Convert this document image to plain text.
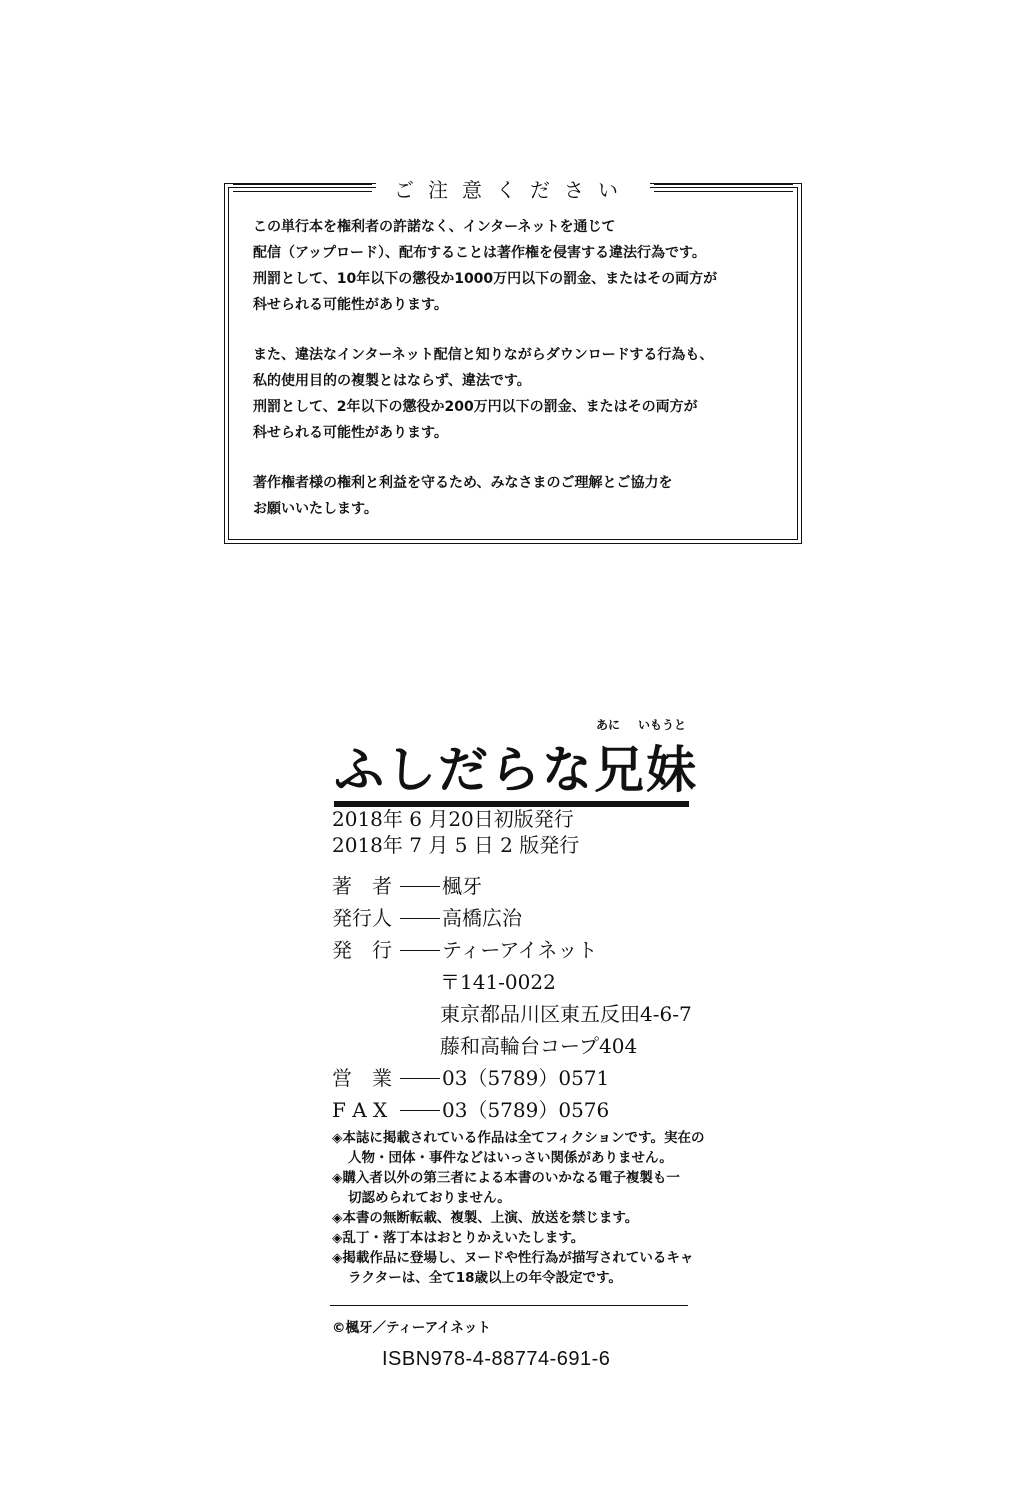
ご注意ください
この単行本を権利者の許諾なく、インターネットを通じて
配信（アップロード）、配布することは著作権を侵害する違法行為です。
刑罰として、10年以下の懲役か1000万円以下の罰金、またはその両方が
科せられる可能性があります。
また、違法なインターネット配信と知りながらダウンロードする行為も、
私的使用目的の複製とはならず、違法です。
刑罰として、2年以下の懲役か200万円以下の罰金、またはその両方が
科せられる可能性があります。
著作権者様の権利と利益を守るため、みなさまのご理解とご協力を
お願いいたします。
あに いもうと
ふしだらな兄妹
2018年 6 月20日初版発行
2018年 7 月 5 日 2 版発行
著　者	楓牙
発行人	高橋広治
発　行	ティーアイネット
〒141-0022
東京都品川区東五反田4-6-7
藤和高輪台コープ404
営　業	03（5789）0571
F A X	03（5789）0576
◈本誌に掲載されている作品は全てフィクションです。実在の
人物・団体・事件などはいっさい関係がありません。
◈購入者以外の第三者による本書のいかなる電子複製も一
切認められておりません。
◈本書の無断転載、複製、上演、放送を禁じます。
◈乱丁・落丁本はおとりかえいたします。
◈掲載作品に登場し、ヌードや性行為が描写されているキャ
ラクターは、全て18歳以上の年令設定です。
©楓牙／ティーアイネット
ISBN978-4-88774-691-6
